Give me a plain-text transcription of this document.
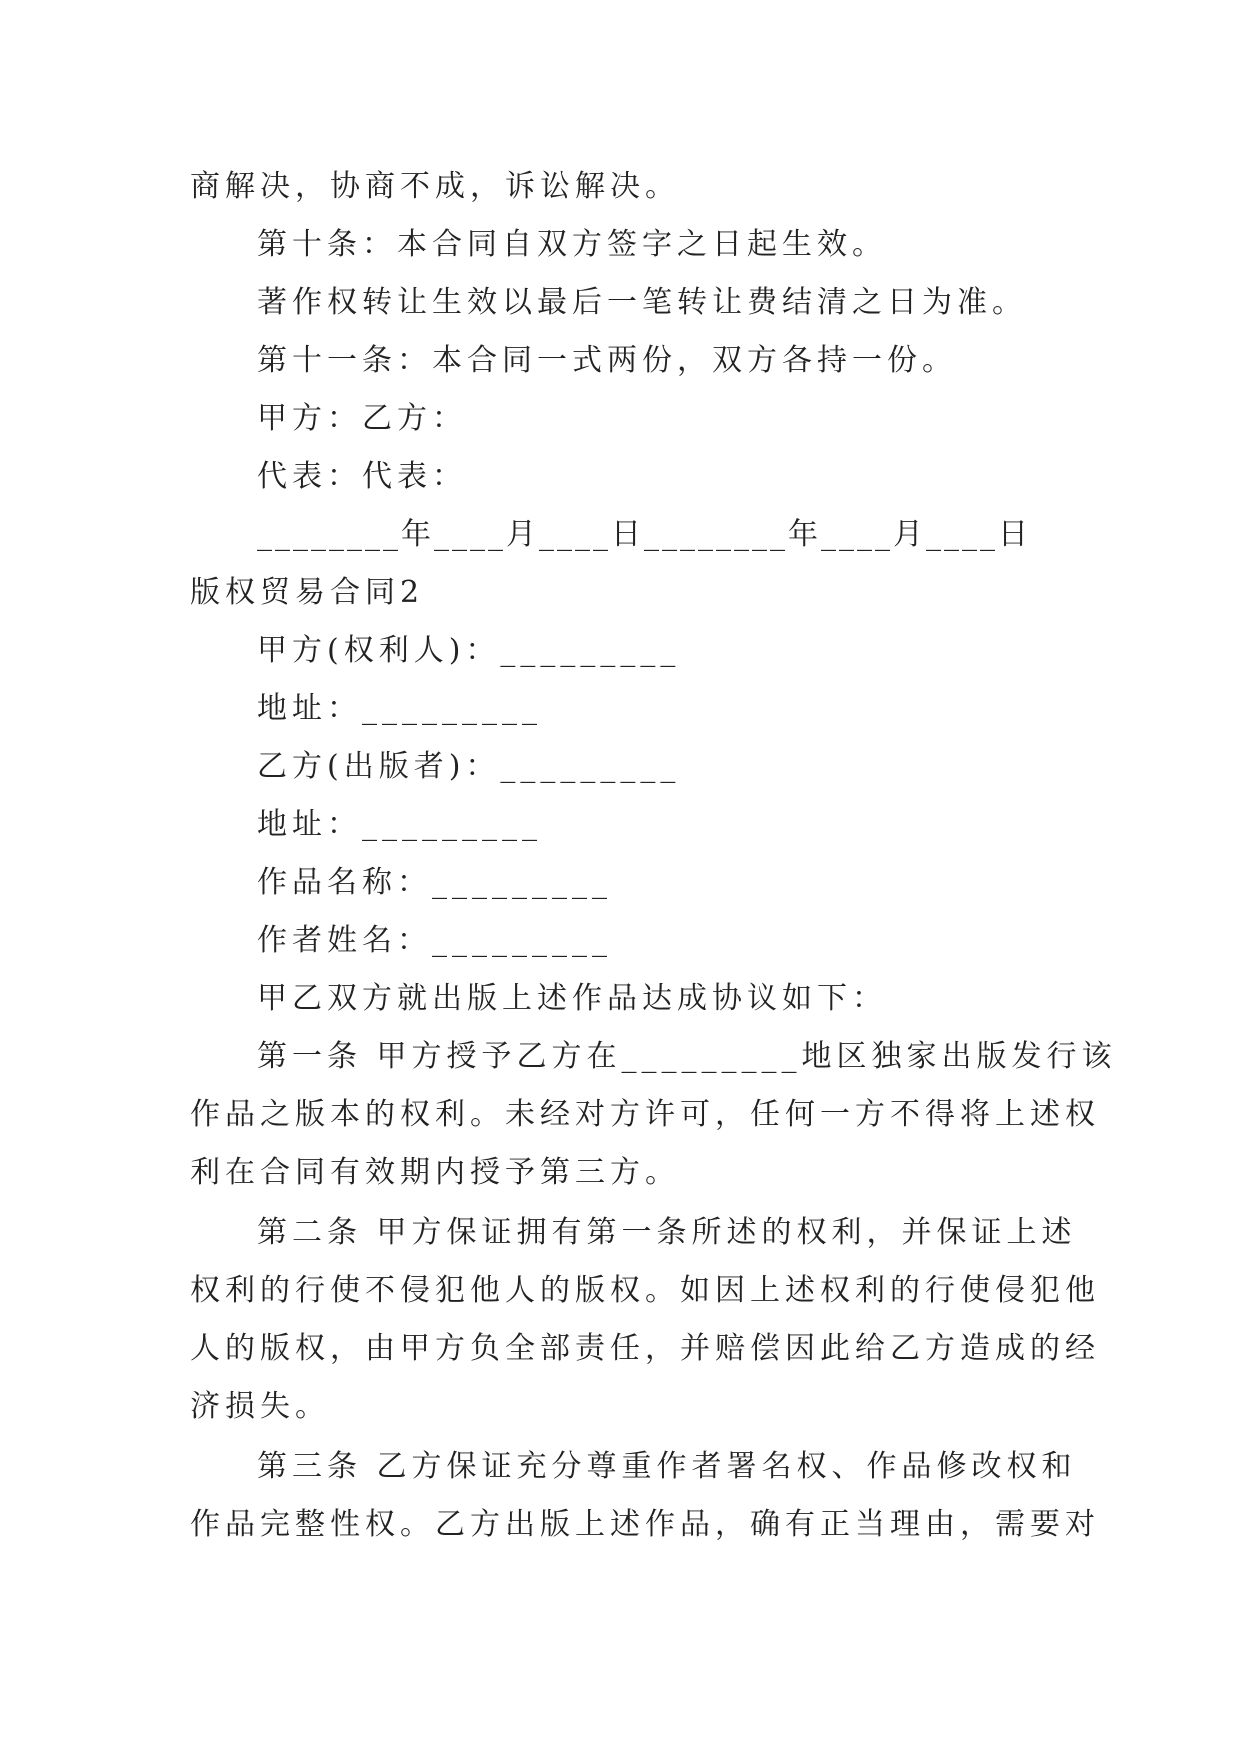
商解决，协商不成，诉讼解决。
第十条：本合同自双方签字之日起生效。
著作权转让生效以最后一笔转让费结清之日为准。
第十一条：本合同一式两份，双方各持一份。
甲方：乙方：
代表：代表：
________年____月____日________年____月____日
版权贸易合同2
甲方(权利人)：_________
地址：_________
乙方(出版者)：_________
地址：_________
作品名称：_________
作者姓名：_________
甲乙双方就出版上述作品达成协议如下：
第一条 甲方授予乙方在_________地区独家出版发行该
作品之版本的权利。未经对方许可，任何一方不得将上述权
利在合同有效期内授予第三方。
第二条 甲方保证拥有第一条所述的权利，并保证上述
权利的行使不侵犯他人的版权。如因上述权利的行使侵犯他
人的版权，由甲方负全部责任，并赔偿因此给乙方造成的经
济损失。
第三条 乙方保证充分尊重作者署名权、作品修改权和
作品完整性权。乙方出版上述作品，确有正当理由，需要对
